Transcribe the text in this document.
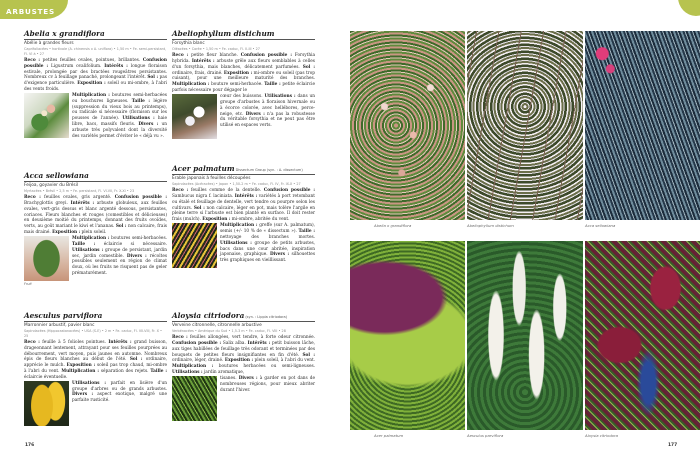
ARBUSTES
Abelia x grandiflora
Abélie à grandes fleurs
Caprifoliacées • hortivole (A. chinensis x A. uniflora) • 1,50 m • Fe. semi-persistant, Fl. VI à • 27

Reco : petites feuilles ovales, pointues, brillantes. Confusion possible : Ligustrum ovalifolium. Intérêts : longue floraison estivale, prolongée par des bractées rougeâtres persistantes. Nombreux cv à feuillage panaché, prolongeant l'intérêt. Sol : pas d'exigence particulière. Exposition : soleil ou mi-ombre, à l'abri des vents froids.

Multiplication : boutures semi-herbacées ou bouchures ligneuses. Taille : légère (suppression du vieux bois au printemps), ou radicale si nécessaire (floraison sur les pousses de l'année). Utilisations : haie libre, bacs, massifs fleuris. Divers : un arbuste très polyvalent dont la diversité des variétés permet d'éviter le « déjà vu ».

Acca sellowiana
Feijoa, goyavier du Brésil
Myrtacées • Brésil • 2,5 m • Fe. persistant, Fl. VI-VII, Fr. X-XI • 23

Reco : feuilles ovales, gris argenté. Confusion possible : Brachyglottis greyi. Intérêts : arbuste globuleux, aux feuilles ovales, vert-gris dessus et blanc argenté dessous, persistantes, coriaces. Fleurs blanches et rouges (comestibles et délicieuses) en deuxième moitié du printemps, donnant des fruits ovoïdes, verts, au goût mariant le kiwi et l'ananas. Sol : non calcaire, frais mais drainé. Exposition : plein soleil.

Fruit

Multiplication : boutures semi-herbacées. Taille : éclaircie si nécessaire. Utilisations : groupe de persistant, jardin sec, jardin comestible. Divers : récoltes possibles seulement en région de climat doux, où les fruits ne risquent pas de geler prématurément.

Aesculus parviflora
Marronnier arbustif, pavier blanc
Sapindacées (Hippocastanacées) • USA (S-E) • 2 m • Fe. caduc, Fl. VII-VIII, Fr. X • 25

Reco : feuille à 5 folioles pointues. Intérêts : grand buisson, drageonnant lentement, attrayant pour ses feuilles pourprées au débourrement, vert moyen, puis jaunes en automne. Nombreux épis de fleurs blanches au début de l'été. Sol : ordinaire, apprécie le mulch. Exposition : soleil pas trop chaud, mi-ombre à l'abri du vent. Multiplication : séparation des rejets. Taille : éclaircie éventuelle.

Utilisations : parfait en lisière d'un groupe d'arbres ou de grands arbustes. Divers : aspect exotique, malgré une parfaite rusticité.

Abeliophyllum distichum
Forsythia blanc
Oléacées • Corée • 1,50 m • Fe. caduc, Fl. II-III • 27

Reco : petite fleur blanche. Confusion possible : Forsythia hybrida. Intérêts : arbuste grêle aux fleurs semblables à celles d'un forsythia, mais blanches, délicatement parfumées. Sol : ordinaire, frais, drainé. Exposition : mi-ombre ou soleil (pas trop cuisant), pour une meilleure maturité des branches. Multiplication : bouture semi-herbacée. Taille : petite éclaircie parfois nécessaire pour dégager le

cœur des buissons. Utilisations : dans un groupe d'arbustes à floraison hivernale ou à écorce colorée, avec hellébores, perce-neige, etc. Divers : n'a pas la robustesse du véritable forsythia et ne peut pas être utilisé en espaces verts.

Acer palmatumDissectum Group (syn. : A. dissectum)
Érable japonais à feuilles découpées
Sapindacées (Acéracées) • Japon • 1,50-2 m • Fe. caduc, Fl. IV, Fr. IX-X • 27

Reco : feuilles comme de la dentelle. Confusion possible : Sambucus nigra f. laciniata. Intérêts : variétés à port retombant ou étalé et feuillage de dentelle, vert tendre ou pourpre selon les cultivars. Sol : non calcaire, léger en pot, mais tolère l'argile en pleine terre si l'arbuste est bien planté en surface. Il doit rester frais (mulch). Exposition : mi-ombre, abritée du vent.

Multiplication : greffe (sur A. palmatum), semis (+/- 10 % de « dissectum »). Taille : nettoyage des branches mortes. Utilisations : groupe de petits arbustes, bacs dans une cour abritée, inspiration japonaise, graphique. Divers : silhouettes très graphiques en vieillissant.

Aloysia citriodora(syn. : Lippia citriodora)
Verveine citronnelle, citronnelle arbustive
Verbénacées • Amérique du Sud • 1,5-3 m • Fe. caduc, Fl. VIII • 28

Reco : feuilles allongées, vert tendre, à forte odeur citronnée. Confusion possible : Salix alba. Intérêts : petit buisson lâche, aux tiges habillées de feuillage très odorant et terminées par des bouquets de petites fleurs insignifiantes en fin d'été. Sol : ordinaire, léger, drainé. Exposition : plein soleil, à l'abri du vent. Multiplication : boutures herbacées ou semi-ligneuses. Utilisations : jardin aromatique,

tisanes. Divers : à garder en pot dans de nombreuses régions, pour mieux abriter durant l'hiver.

176
Abelia x grandiflora	Abeliophyllum distichum	Acca sellowiana
Acer palmatum	Aesculus parviflora	Aloysia citriodora
177
